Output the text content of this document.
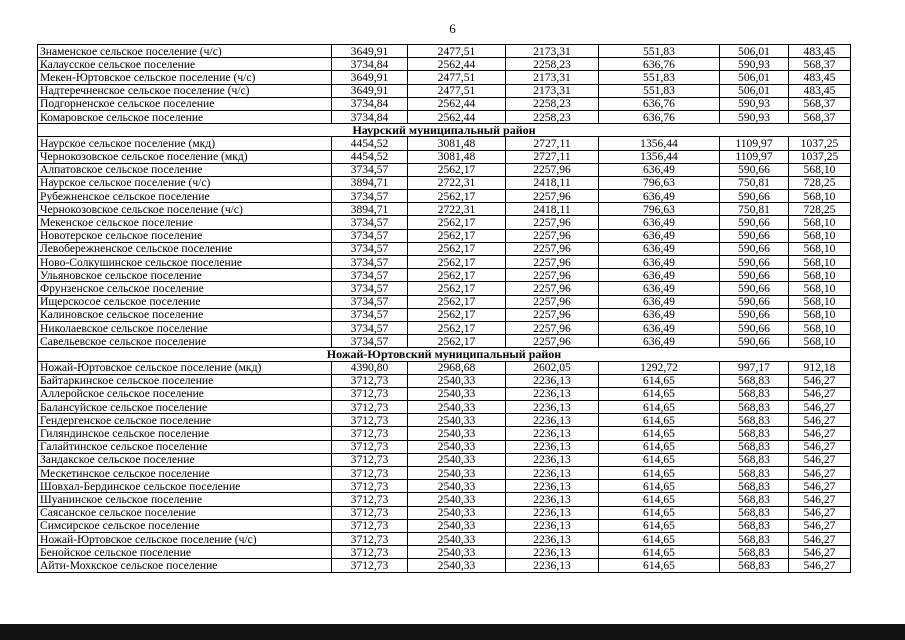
6
Знаменское сельское поселение (ч/с)	3649,91	2477,51	2173,31	551,83	506,01	483,45
Калаусское сельское поселение	3734,84	2562,44	2258,23	636,76	590,93	568,37
Мекен-Юртовское сельское поселение (ч/с)	3649,91	2477,51	2173,31	551,83	506,01	483,45
Надтеречненское сельское поселение (ч/с)	3649,91	2477,51	2173,31	551,83	506,01	483,45
Подгорненское сельское поселение	3734,84	2562,44	2258,23	636,76	590,93	568,37
Комаровское сельское поселение	3734,84	2562,44	2258,23	636,76	590,93	568,37
Наурский муниципальный район						
Наурское сельское поселение (мкд)	4454,52	3081,48	2727,11	1356,44	1109,97	1037,25
Чернокозовское сельское поселение (мкд)	4454,52	3081,48	2727,11	1356,44	1109,97	1037,25
Алпатовское сельское поселение	3734,57	2562,17	2257,96	636,49	590,66	568,10
Наурское сельское поселение (ч/с)	3894,71	2722,31	2418,11	796,63	750,81	728,25
Рубежненское сельское поселение	3734,57	2562,17	2257,96	636,49	590,66	568,10
Чернокозовское сельское поселение (ч/с)	3894,71	2722,31	2418,11	796,63	750,81	728,25
Мекенское сельское поселение	3734,57	2562,17	2257,96	636,49	590,66	568,10
Новотерское сельское поселение	3734,57	2562,17	2257,96	636,49	590,66	568,10
Левобережненское сельское поселение	3734,57	2562,17	2257,96	636,49	590,66	568,10
Ново-Солкушинское сельское поселение	3734,57	2562,17	2257,96	636,49	590,66	568,10
Ульяновское сельское поселение	3734,57	2562,17	2257,96	636,49	590,66	568,10
Фрунзенское сельское поселение	3734,57	2562,17	2257,96	636,49	590,66	568,10
Ищерскосое сельское поселение	3734,57	2562,17	2257,96	636,49	590,66	568,10
Калиновское сельское поселение	3734,57	2562,17	2257,96	636,49	590,66	568,10
Николаевское сельское поселение	3734,57	2562,17	2257,96	636,49	590,66	568,10
Савельевское сельское поселение	3734,57	2562,17	2257,96	636,49	590,66	568,10
Ножай-Юртовский муниципальный район						
Ножай-Юртовское сельское поселение (мкд)	4390,80	2968,68	2602,05	1292,72	997,17	912,18
Байтаркинское сельское поселение	3712,73	2540,33	2236,13	614,65	568,83	546,27
Аллеройское сельское поселение	3712,73	2540,33	2236,13	614,65	568,83	546,27
Балансуйское сельское поселение	3712,73	2540,33	2236,13	614,65	568,83	546,27
Гендергенское сельское поселение	3712,73	2540,33	2236,13	614,65	568,83	546,27
Гиляндинское сельское поселение	3712,73	2540,33	2236,13	614,65	568,83	546,27
Галайтинское сельское поселение	3712,73	2540,33	2236,13	614,65	568,83	546,27
Зандакское сельское поселение	3712,73	2540,33	2236,13	614,65	568,83	546,27
Мескетинское сельское поселение	3712,73	2540,33	2236,13	614,65	568,83	546,27
Шовхал-Бердинское сельское поселение	3712,73	2540,33	2236,13	614,65	568,83	546,27
Шуанинское сельское поселение	3712,73	2540,33	2236,13	614,65	568,83	546,27
Саясанское сельское поселение	3712,73	2540,33	2236,13	614,65	568,83	546,27
Симсирское сельское поселение	3712,73	2540,33	2236,13	614,65	568,83	546,27
Ножай-Юртовское сельское поселение (ч/с)	3712,73	2540,33	2236,13	614,65	568,83	546,27
Бенойское сельское поселение	3712,73	2540,33	2236,13	614,65	568,83	546,27
Айти-Мохкское сельское поселение	3712,73	2540,33	2236,13	614,65	568,83	546,27
